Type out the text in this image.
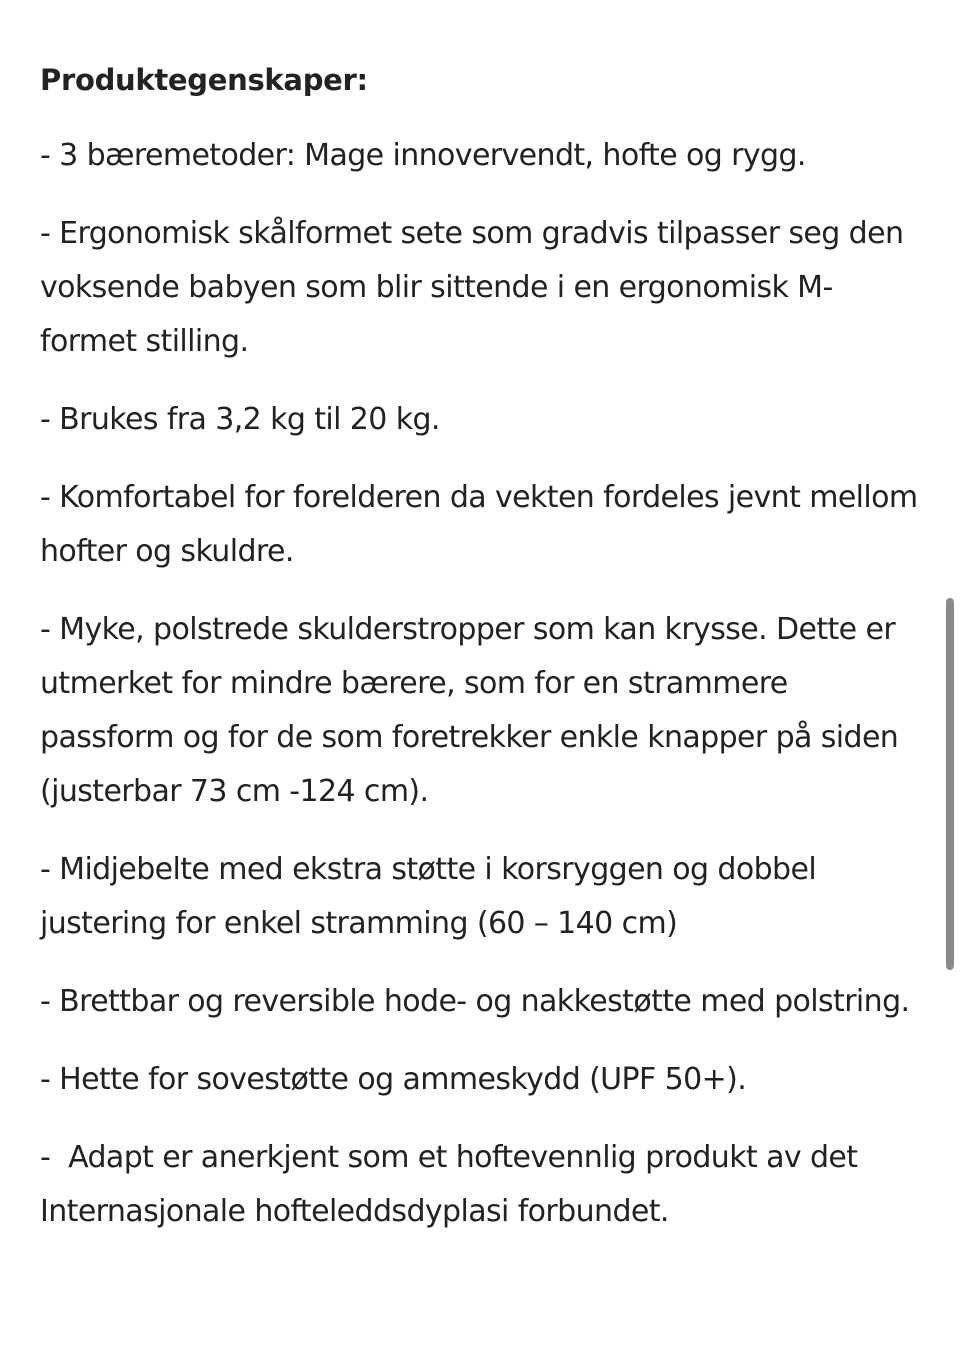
Produktegenskaper:
- 3 bæremetoder: Mage innovervendt, hofte og rygg.
- Ergonomisk skålformet sete som gradvis tilpasser seg den voksende babyen som blir sittende i en ergonomisk M-formet stilling.
- Brukes fra 3,2 kg til 20 kg.
- Komfortabel for forelderen da vekten fordeles jevnt mellom hofter og skuldre.
- Myke, polstrede skulderstropper som kan krysse. Dette er utmerket for mindre bærere, som for en strammere passform og for de som foretrekker enkle knapper på siden (justerbar 73 cm -124 cm).
- Midjebelte med ekstra støtte i korsryggen og dobbel justering for enkel stramming (60 – 140 cm)
- Brettbar og reversible hode- og nakkestøtte med polstring.
- Hette for sovestøtte og ammeskydd (UPF 50+).
-  Adapt er anerkjent som et hoftevennlig produkt av det Internasjonale hofteleddsdyplasi forbundet.
